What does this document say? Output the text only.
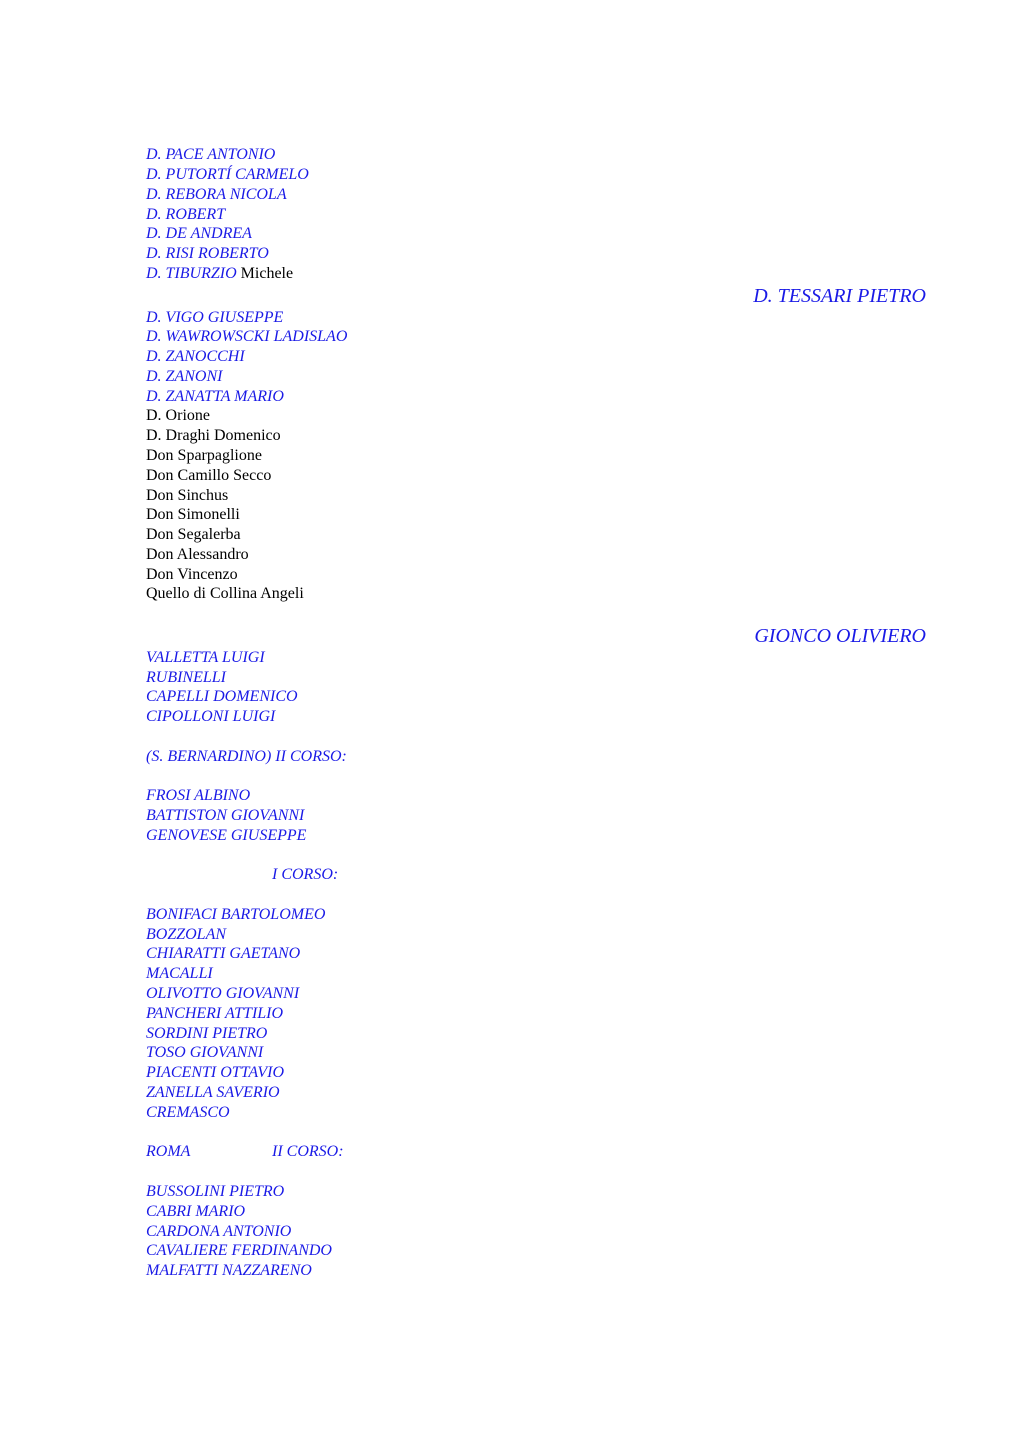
D. PACE ANTONIO
D. PUTORTÍ CARMELO
D. REBORA NICOLA
D. ROBERT
D. DE ANDREA
D. RISI ROBERTO
D. TIBURZIO Michele
D. TESSARI PIETRO
D. VIGO GIUSEPPE
D. WAWROWSCKI LADISLAO
D. ZANOCCHI
D. ZANONI
D. ZANATTA MARIO
D. Orione
D. Draghi Domenico
Don Sparpaglione
Don Camillo Secco
Don Sinchus
Don Simonelli
Don Segalerba
Don Alessandro
Don Vincenzo
Quello di Collina Angeli
GIONCO OLIVIERO
VALLETTA LUIGI
RUBINELLI
CAPELLI DOMENICO
CIPOLLONI LUIGI
(S. BERNARDINO) II CORSO:
FROSI ALBINO
BATTISTON GIOVANNI
GENOVESE GIUSEPPE
I CORSO:
BONIFACI BARTOLOMEO
BOZZOLAN
CHIARATTI GAETANO
MACALLI
OLIVOTTO GIOVANNI
PANCHERI ATTILIO
SORDINI PIETRO
TOSO GIOVANNI
PIACENTI OTTAVIO
ZANELLA SAVERIO
CREMASCO
ROMA	II CORSO:
BUSSOLINI PIETRO
CABRI MARIO
CARDONA ANTONIO
CAVALIERE FERDINANDO
MALFATTI NAZZARENO
